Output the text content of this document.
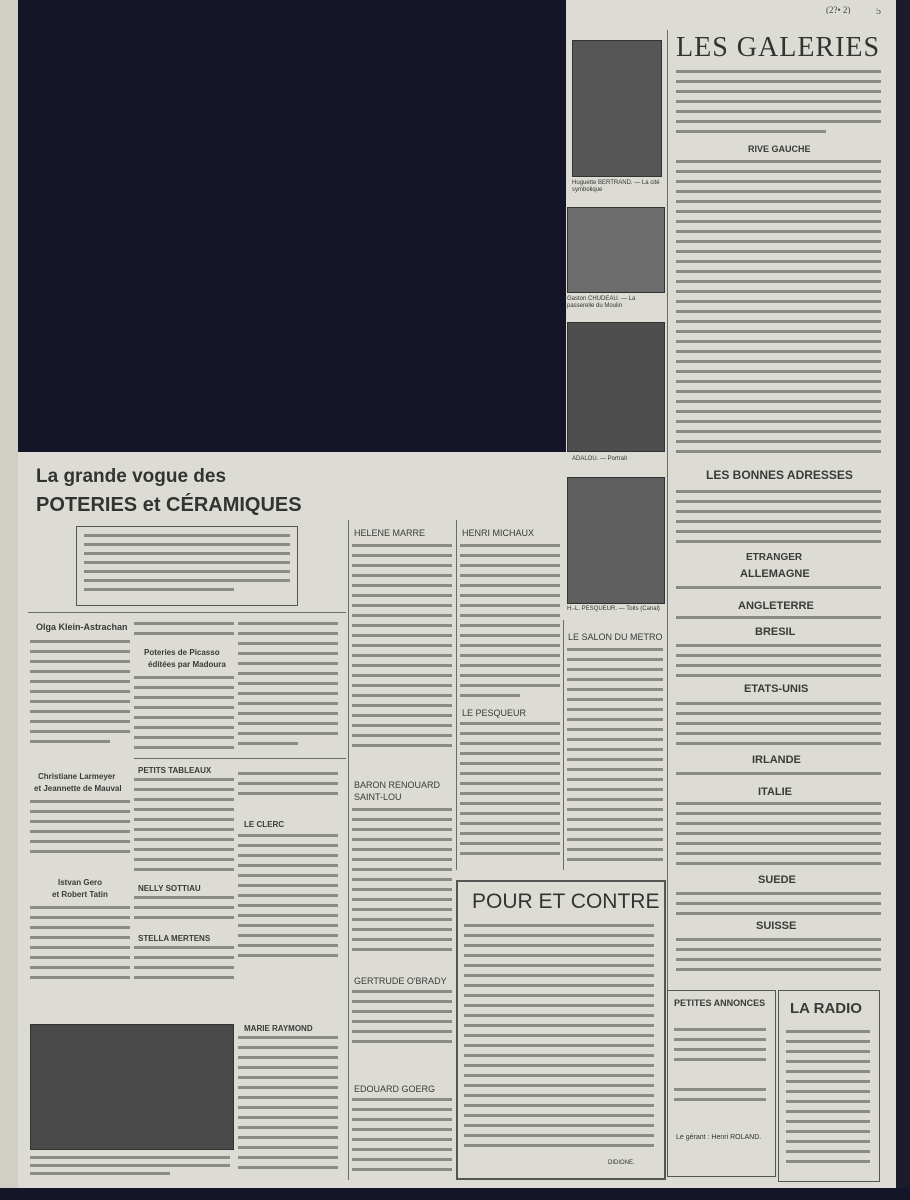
(2?• 2)	5
Huguette BERTRAND. — La cité symbolique
Gaston CHUDEAU. — La passerelle du Moulin
ADALOU. — Portrait
H.-L. PESQUEUR. — Toits (Canal)
LES GALERIES
RIVE GAUCHE
LES BONNES ADRESSES
ETRANGER
ALLEMAGNE
ANGLETERRE
BRESIL
ETATS-UNIS
IRLANDE
ITALIE
SUEDE
SUISSE
PETITES ANNONCES
Le gérant : Henri ROLAND.
LA RADIO
La grande vogue des
POTERIES et CÉRAMIQUES
Olga Klein-Astrachan
Christiane Larmeyer
et Jeannette de Mauval
Istvan Gero
et Robert Tatin
Poteries de Picasso
éditées par Madoura
PETITS TABLEAUX
NELLY SOTTIAU
STELLA MERTENS
LE CLERC
MARIE RAYMOND
HELENE MARRE
BARON RENOUARD
SAINT-LOU
GERTRUDE O'BRADY
EDOUARD GOERG
HENRI MICHAUX
LE PESQUEUR
LE SALON DU METRO
POUR ET CONTRE
DIDIONE.
